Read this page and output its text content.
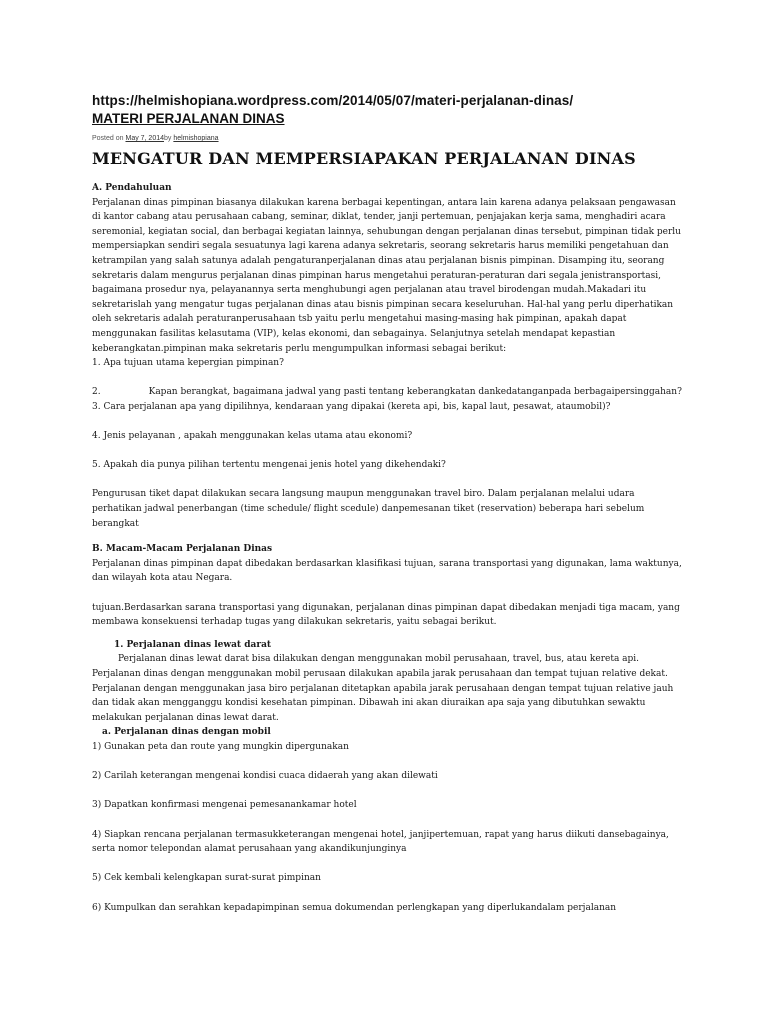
https://helmishopiana.wordpress.com/2014/05/07/materi-perjalanan-dinas/

MATERI PERJALANAN DINAS

Posted on May 7, 2014by helmishopiana
MENGATUR DAN MEMPERSIAPAKAN PERJALANAN DINAS

A. Pendahuluan

Perjalanan dinas pimpinan biasanya dilakukan karena berbagai kepentingan, antara lain karena adanya pelaksaan pengawasan di kantor cabang atau perusahaan cabang, seminar, diklat, tender, janji pertemuan, penjajakan kerja sama, menghadiri acara seremonial, kegiatan social, dan berbagai kegiatan lainnya, sehubungan dengan perjalanan dinas tersebut, pimpinan tidak perlu mempersiapkan sendiri segala sesuatunya lagi karena adanya sekretaris, seorang sekretaris harus memiliki pengetahuan dan ketrampilan yang salah satunya adalah pengaturanperjalanan dinas atau perjalanan bisnis pimpinan. Disamping itu, seorang sekretaris dalam mengurus perjalanan dinas pimpinan harus mengetahui peraturan-peraturan dari segala jenistransportasi, bagaimana prosedur nya, pelayanannya serta menghubungi agen perjalanan atau travel birodengan mudah.Makadari itu sekretarislah yang mengatur tugas perjalanan dinas atau bisnis pimpinan secara keseluruhan. Hal-hal yang perlu diperhatikan oleh sekretaris adalah peraturanperusahaan tsb yaitu perlu mengetahui masing-masing hak pimpinan, apakah dapat menggunakan fasilitas kelasutama (VIP), kelas ekonomi, dan sebagainya. Selanjutnya setelah mendapat kepastian keberangkatan.pimpinan maka sekretaris perlu mengumpulkan informasi sebagai berikut:

1. Apa tujuan utama kepergian pimpinan?

2.	Kapan berangkat, bagaimana jadwal yang pasti tentang keberangkatan dankedatanganpada berbagaipersinggahan?

3. Cara perjalanan apa yang dipilihnya, kendaraan yang dipakai (kereta api, bis, kapal laut, pesawat, ataumobil)?

4. Jenis pelayanan , apakah menggunakan kelas utama atau ekonomi?

5. Apakah dia punya pilihan tertentu mengenai jenis hotel yang dikehendaki?

Pengurusan tiket dapat dilakukan secara langsung maupun menggunakan travel biro. Dalam perjalanan melalui udara perhatikan jadwal penerbangan (time schedule/ flight scedule) danpemesanan tiket (reservation) beberapa hari sebelum berangkat

B. Macam-Macam Perjalanan Dinas

Perjalanan dinas pimpinan dapat dibedakan berdasarkan klasifikasi tujuan, sarana transportasi yang digunakan, lama waktunya, dan wilayah kota atau Negara.

tujuan.Berdasarkan sarana transportasi yang digunakan, perjalanan dinas pimpinan dapat dibedakan menjadi tiga macam, yang membawa konsekuensi terhadap tugas yang dilakukan sekretaris, yaitu sebagai berikut.

1. Perjalanan dinas lewat darat

Perjalanan dinas lewat darat bisa dilakukan dengan menggunakan mobil perusahaan, travel, bus, atau kereta api. Perjalanan dinas dengan menggunakan mobil perusaan dilakukan apabila jarak perusahaan dan tempat tujuan relative dekat. Perjalanan dengan menggunakan jasa biro perjalanan ditetapkan apabila jarak perusahaan dengan tempat tujuan relative jauh dan tidak akan mengganggu kondisi kesehatan pimpinan. Dibawah ini akan diuraikan apa saja yang dibutuhkan sewaktu melakukan perjalanan dinas lewat darat.

a. Perjalanan dinas dengan mobil

1) Gunakan peta dan route yang mungkin dipergunakan

2) Carilah keterangan mengenai kondisi cuaca didaerah yang akan dilewati

3) Dapatkan konfirmasi mengenai pemesanankamar hotel

4) Siapkan rencana perjalanan termasukketerangan mengenai hotel, janjipertemuan, rapat yang harus diikuti dansebagainya, serta nomor telepondan alamat perusahaan yang akandikunjunginya

5) Cek kembali kelengkapan surat-surat pimpinan

6) Kumpulkan dan serahkan kepadapimpinan semua dokumendan perlengkapan yang diperlukandalam perjalanan
